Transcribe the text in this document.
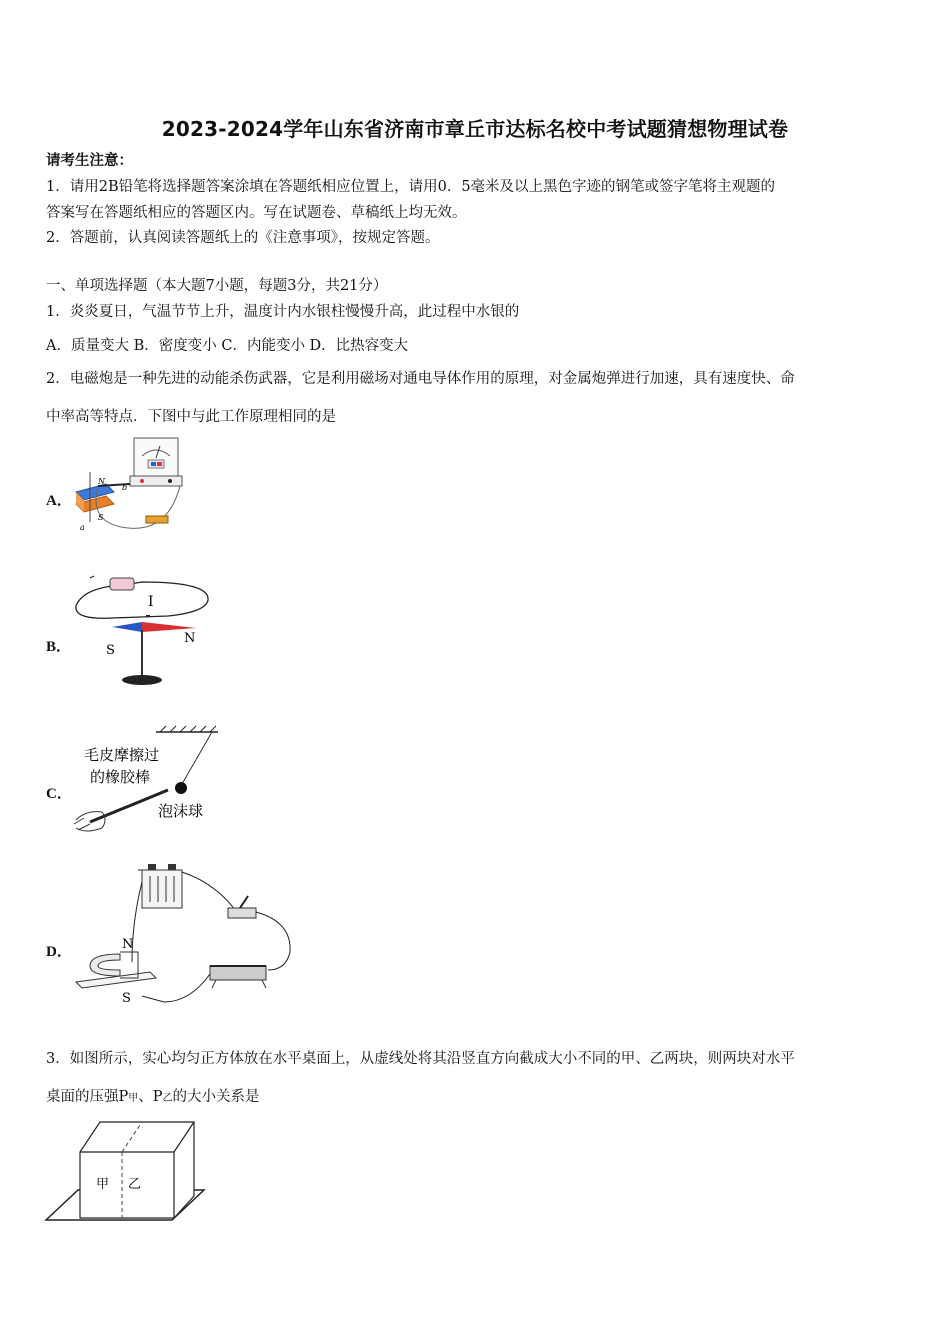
2023-2024学年山东省济南市章丘市达标名校中考试题猜想物理试卷
请考生注意：
1．请用2B铅笔将选择题答案涂填在答题纸相应位置上，请用0．5毫米及以上黑色字迹的钢笔或签字笔将主观题的
答案写在答题纸相应的答题区内。写在试题卷、草稿纸上均无效。
2．答题前，认真阅读答题纸上的《注意事项》，按规定答题。
一、单项选择题（本大题7小题，每题3分，共21分）
1．炎炎夏日，气温节节上升，温度计内水银柱慢慢升高，此过程中水银的
A．质量变大 B．密度变小 C．内能变小 D．比热容变大
2．电磁炮是一种先进的动能杀伤武器，它是利用磁场对通电导体作用的原理，对金属炮弹进行加速，具有速度快、命
中率高等特点．下图中与此工作原理相同的是
A．
N
S
a
b
B．
I
S
N
C．
毛皮摩擦过
的橡胶棒
泡沫球
D．	N
S
3．如图所示，实心均匀正方体放在水平桌面上，从虚线处将其沿竖直方向截成大小不同的甲、乙两块，则两块对水平
桌面的压强P甲、P乙的大小关系是
甲 乙
